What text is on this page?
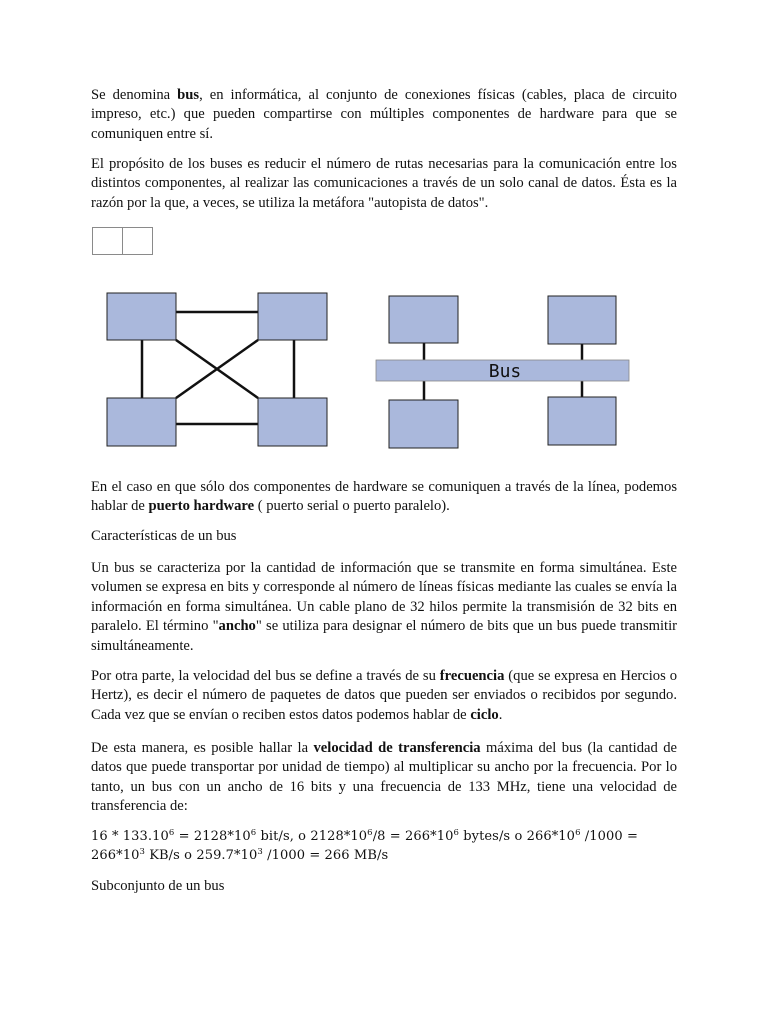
Se denomina bus, en informática, al conjunto de conexiones físicas (cables, placa de circuito impreso, etc.) que pueden compartirse con múltiples componentes de hardware para que se comuniquen entre sí.

El propósito de los buses es reducir el número de rutas necesarias para la comunicación entre los distintos componentes, al realizar las comunicaciones a través de un solo canal de datos. Ésta es la razón por la que, a veces, se utiliza la metáfora "autopista de datos".

Bus

En el caso en que sólo dos componentes de hardware se comuniquen a través de la línea, podemos hablar de puerto hardware ( puerto serial o puerto paralelo).

Características de un bus

Un bus se caracteriza por la cantidad de información que se transmite en forma simultánea. Este volumen se expresa en bits y corresponde al número de líneas físicas mediante las cuales se envía la información en forma simultánea. Un cable plano de 32 hilos permite la transmisión de 32 bits en paralelo. El término "ancho" se utiliza para designar el número de bits que un bus puede transmitir simultáneamente.

Por otra parte, la velocidad del bus se define a través de su frecuencia (que se expresa en Hercios o Hertz), es decir el número de paquetes de datos que pueden ser enviados o recibidos por segundo. Cada vez que se envían o reciben estos datos podemos hablar de ciclo.

De esta manera, es posible hallar la velocidad de transferencia máxima del bus (la cantidad de datos que puede transportar por unidad de tiempo) al multiplicar su ancho por la frecuencia. Por lo tanto, un bus con un ancho de 16 bits y una frecuencia de 133 MHz, tiene una velocidad de transferencia de:

$16 * 133.10^6 = 2128*10^6$ bit/s, o $2128*10^6/8 = 266*10^6$ bytes/s o $266*10^6$ $/1000 = 266*10^3$ KB/s o $259.7*10^3$ /1000 = 266 MB/s

Subconjunto de un bus
